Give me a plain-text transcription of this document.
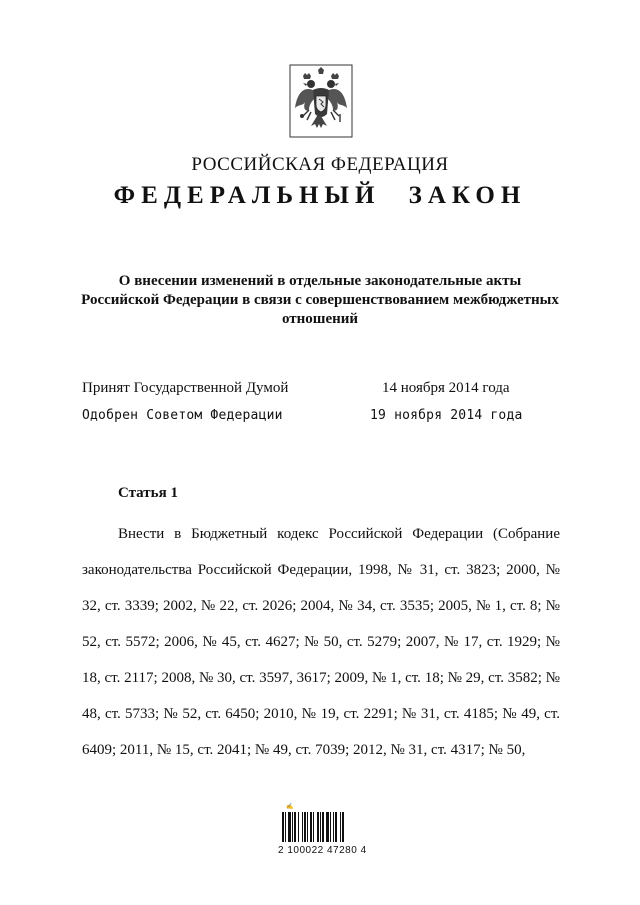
РОССИЙСКАЯ ФЕДЕРАЦИЯ
ФЕДЕРАЛЬНЫЙ ЗАКОН
О внесении изменений в отдельные законодательные акты Российской Федерации в связи с совершенствованием межбюджетных отношений
Принят Государственной Думой	14 ноября 2014 года
Одобрен Советом Федерации	19 ноября 2014 года
Статья 1

Внести в Бюджетный кодекс Российской Федерации (Собрание законодательства Российской Федерации, 1998, № 31, ст. 3823; 2000, № 32, ст. 3339; 2002, № 22, ст. 2026; 2004, № 34, ст. 3535; 2005, № 1, ст. 8; № 52, ст. 5572; 2006, № 45, ст. 4627; № 50, ст. 5279; 2007, № 17, ст. 1929; № 18, ст. 2117; 2008, № 30, ст. 3597, 3617; 2009, № 1, ст. 18; № 29, ст. 3582; № 48, ст. 5733; № 52, ст. 6450; 2010, № 19, ст. 2291; № 31, ст. 4185; № 49, ст. 6409; 2011, № 15, ст. 2041; № 49, ст. 7039; 2012, № 31, ст. 4317; № 50,

✍
2 100022 47280 4
